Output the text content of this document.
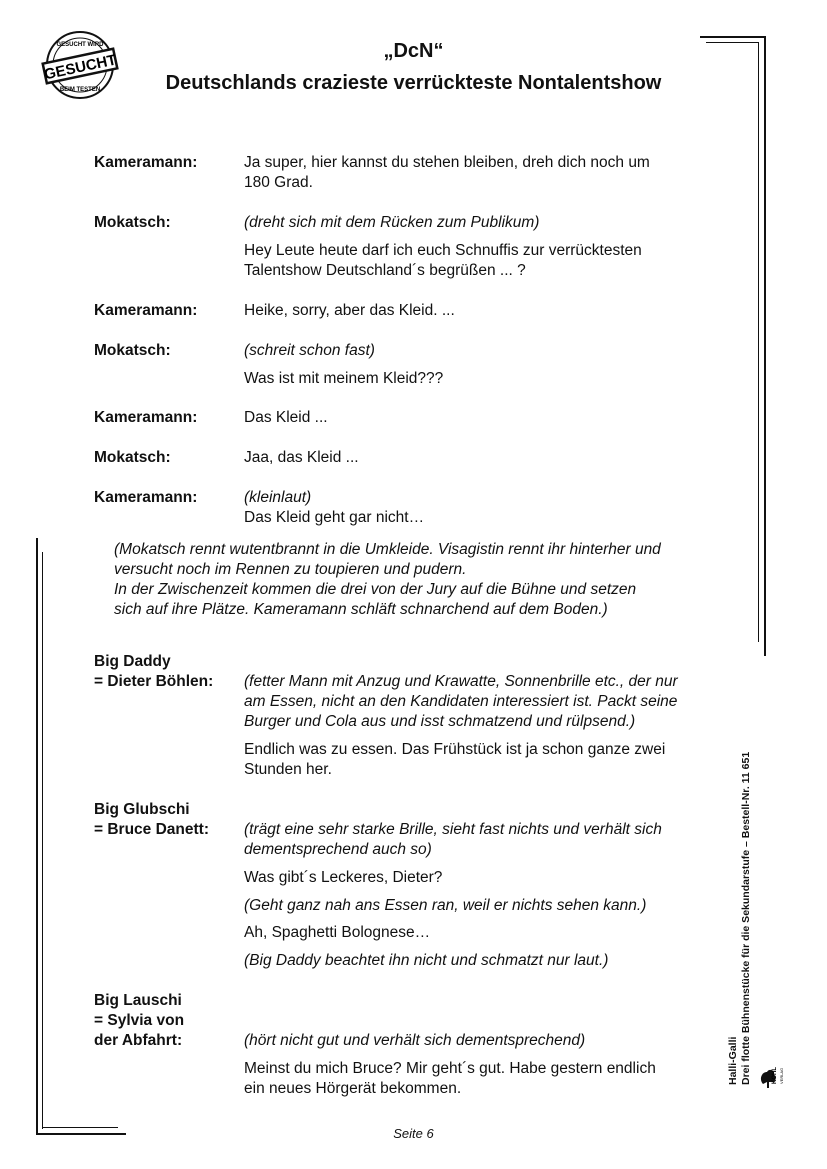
GESUCHT WIRD
GESUCHT
BEIM TESTEN
„DcN“
Deutschlands crazieste verrückteste Nontalentshow
Kameramann:	Ja super, hier kannst du stehen bleiben, dreh dich noch um
180 Grad.
Mokatsch:	(dreht sich mit dem Rücken zum Publikum)
Hey Leute heute darf ich euch Schnuffis zur verrücktesten
Talentshow Deutschland´s begrüßen ... ?
Kameramann:	Heike, sorry, aber das Kleid. ...
Mokatsch:	(schreit schon fast)
Was ist mit meinem Kleid???
Kameramann:	Das Kleid ...
Mokatsch:	Jaa, das Kleid ...
Kameramann:	(kleinlaut)
Das Kleid geht gar nicht…
(Mokatsch rennt wutentbrannt in die Umkleide. Visagistin rennt ihr hinterher und
versucht noch im Rennen zu toupieren und pudern.
In der Zwischenzeit kommen die drei von der Jury auf die Bühne und setzen
sich auf ihre Plätze. Kameramann schläft schnarchend auf dem Boden.)
Big Daddy
= Dieter Böhlen: (fetter Mann mit Anzug und Krawatte, Sonnenbrille etc., der nur
am Essen, nicht an den Kandidaten interessiert ist. Packt seine
Burger und Cola aus und isst schmatzend und rülpsend.)
Endlich was zu essen. Das Frühstück ist ja schon ganze zwei
Stunden her.
Big Glubschi
= Bruce Danett: (trägt eine sehr starke Brille, sieht fast nichts und verhält sich
dementsprechend auch so)
Was gibt´s Leckeres, Dieter?
(Geht ganz nah ans Essen ran, weil er nichts sehen kann.)
Ah, Spaghetti Bolognese…
(Big Daddy beachtet ihn nicht und schmatzt nur laut.)
Big Lauschi
= Sylvia von
der Abfahrt:	(hört nicht gut und verhält sich dementsprechend)
Meinst du mich Bruce? Mir geht´s gut. Habe gestern endlich
ein neues Hörgerät bekommen.
Seite 6
Halli-Galli Drei flotte Bühnenstücke für die Sekundarstufe – Bestell-Nr. 11 651	KOHL VERLAG
